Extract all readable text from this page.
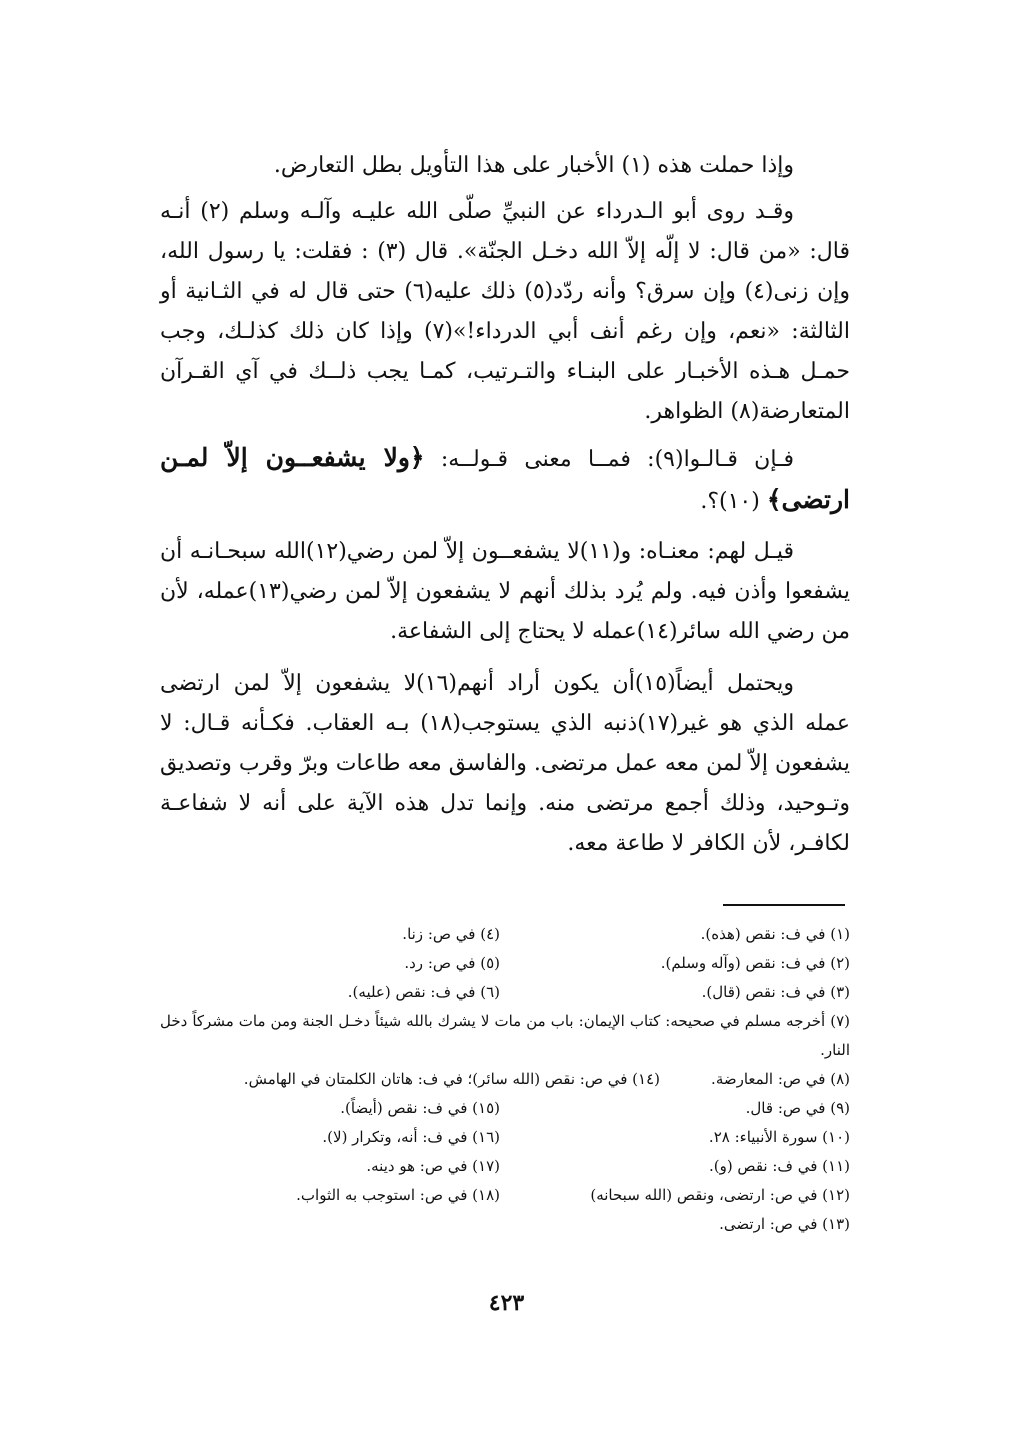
وإذا حملت هذه (١) الأخبار على هذا التأويل بطل التعارض.

وقـد روى أبو الـدرداء عن النبيِّ صلّى الله عليـه وآلـه وسلم (٢) أنـه قال: «من قال: لا إلّه إلاّ الله دخـل الجنّة». قال (٣) : فقلت: يا رسول الله، وإن زنى(٤) وإن سرق؟ وأنه ردّد(٥) ذلك عليه(٦) حتى قال له في الثـانية أو الثالثة: «نعم، وإن رغم أنف أبي الدرداء!»(٧) وإذا كان ذلك كذلـك، وجب حمـل هـذه الأخبـار على البنـاء والتـرتيب، كمـا يجب ذلــك في آي القـرآن المتعارضة(٨) الظواهر.

فـإن قـالـوا(٩): فمــا معنى قـولــه: ﴿ولا يشفعــون إلاّ لمـن ارتضى﴾ (١٠)؟.

قيـل لهم: معنـاه: و(١١)لا يشفعــون إلاّ لمن رضي(١٢)الله سبحـانـه أن يشفعوا وأذن فيه. ولم يُرد بذلك أنهم لا يشفعون إلاّ لمن رضي(١٣)عمله، لأن من رضي الله سائر(١٤)عمله لا يحتاج إلى الشفاعة.

ويحتمل أيضاً(١٥)أن يكون أراد أنهم(١٦)لا يشفعون إلاّ لمن ارتضى عمله الذي هو غير(١٧)ذنبه الذي يستوجب(١٨) بـه العقاب. فكـأنه قـال: لا يشفعون إلاّ لمن معه عمل مرتضى. والفاسق معه طاعات وبرّ وقرب وتصديق وتـوحيد، وذلك أجمع مرتضى منه. وإنما تدل هذه الآية على أنه لا شفاعـة لكافـر، لأن الكافر لا طاعة معه.

(١) في ف: نقص (هذه).
(٤) في ص: زنا.
(٢) في ف: نقص (وآله وسلم).
(٥) في ص: رد.
(٣) في ف: نقص (قال).
(٦) في ف: نقص (عليه).
(٧) أخرجه مسلم في صحيحه: كتاب الإيمان: باب من مات لا يشرك بالله شيئاً دخـل الجنة ومن مات مشركاً دخل النار.
(٨) في ص: المعارضة.
(١٤) في ص: نقص (الله سائر)؛ في ف: هاتان الكلمتان في الهامش.
(٩) في ص: قال.
(١٥) في ف: نقص (أيضاً).
(١٠) سورة الأنبياء: ٢٨.
(١٦) في ف: أنه، وتكرار (لا).
(١١) في ف: نقص (و).
(١٧) في ص: هو دينه.
(١٢) في ص: ارتضى، ونقص (الله سبحانه)
(١٨) في ص: استوجب به الثواب.
(١٣) في ص: ارتضى.
٤٢٣
